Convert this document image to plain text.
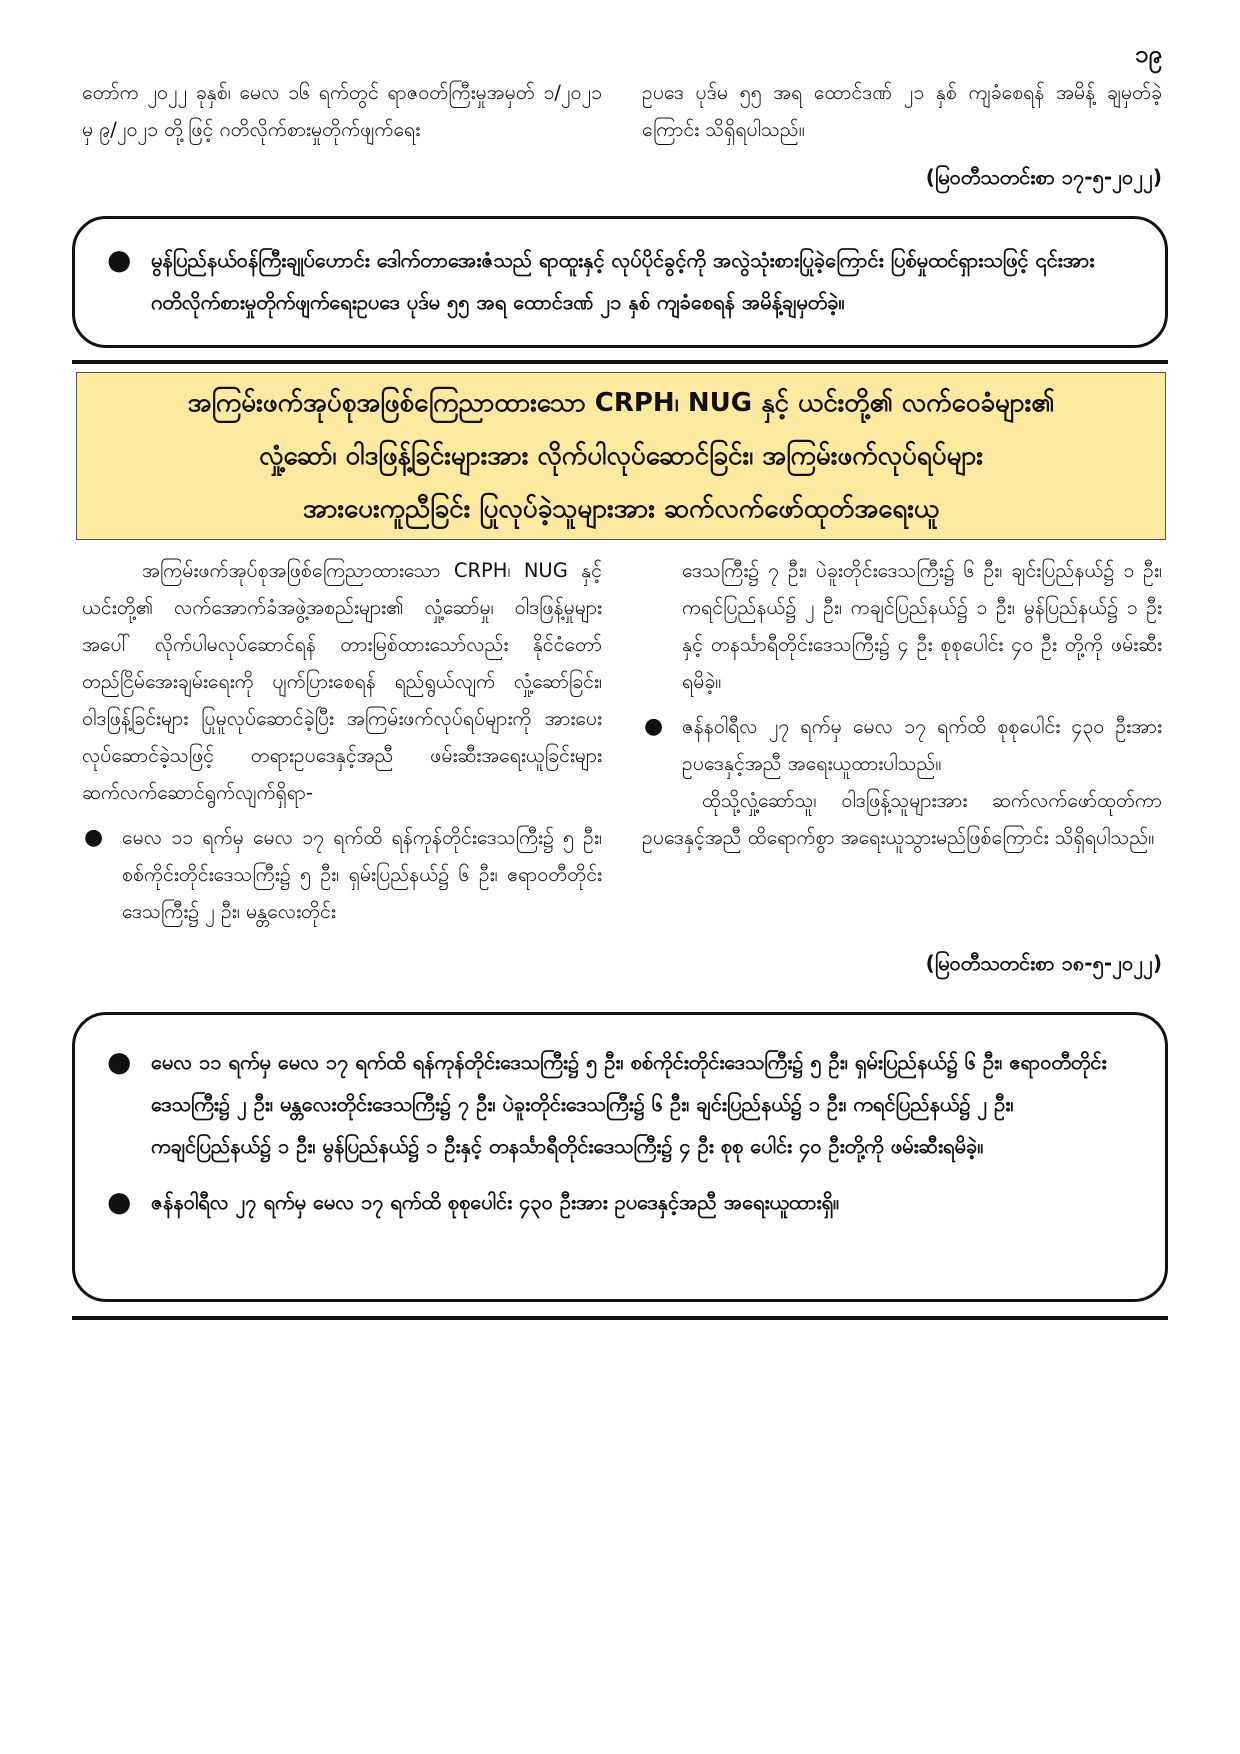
၁၉

တော်က ၂၀၂၂ ခုနှစ်၊ မေလ ၁၆ ရက်တွင် ရာဇဝတ်ကြီးမှုအမှတ် ၁/၂၀၂၁ မှ ၉/၂၀၂၁ တို့ဖြင့် ဂတိလိုက်စားမှုတိုက်ဖျက်ရေး

ဥပဒေ ပုဒ်မ ၅၅ အရ ထောင်ဒဏ် ၂၁ နှစ် ကျခံစေရန် အမိန့် ချမှတ်ခဲ့ကြောင်း သိရှိရပါသည်။

(မြဝတီသတင်းစာ ၁၇-၅-၂၀၂၂)
● မွန်ပြည်နယ်ဝန်ကြီးချုပ်ဟောင်း ဒေါက်တာအေးဇံသည် ရာထူးနှင့် လုပ်ပိုင်ခွင့်ကို အလွဲသုံးစားပြုခဲ့ကြောင်း ပြစ်မှုထင်ရှားသဖြင့် ၎င်းအား ဂတိလိုက်စားမှုတိုက်ဖျက်ရေးဥပဒေ ပုဒ်မ ၅၅ အရ ထောင်ဒဏ် ၂၁ နှစ် ကျခံစေရန် အမိန့်ချမှတ်ခဲ့။
အကြမ်းဖက်အုပ်စုအဖြစ်ကြေညာထားသော CRPH၊ NUG နှင့် ယင်းတို့၏ လက်ဝေခံများ၏
လှုံ့ဆော်၊ ဝါဒဖြန့်ခြင်းများအား လိုက်ပါလုပ်ဆောင်ခြင်း၊ အကြမ်းဖက်လုပ်ရပ်များ
အားပေးကူညီခြင်း ပြုလုပ်ခဲ့သူများအား ဆက်လက်ဖော်ထုတ်အရေးယူ

အကြမ်းဖက်အုပ်စုအဖြစ်ကြေညာထားသော CRPH၊ NUG နှင့် ယင်းတို့၏ လက်အောက်ခံအဖွဲ့အစည်းများ၏ လှုံ့ဆော်မှု၊ ဝါဒဖြန့်မှုများအပေါ် လိုက်ပါမလုပ်ဆောင်ရန် တားမြစ်ထားသော်လည်း နိုင်ငံတော်တည်ငြိမ်အေးချမ်းရေးကို ပျက်ပြားစေရန် ရည်ရွယ်လျက် လှုံ့ဆော်ခြင်း၊ ဝါဒဖြန့်ခြင်းများ ပြုမူလုပ်ဆောင်ခဲ့ပြီး အကြမ်းဖက်လုပ်ရပ်များကို အားပေးလုပ်ဆောင်ခဲ့သဖြင့် တရားဥပဒေနှင့်အညီ ဖမ်းဆီးအရေးယူခြင်းများ ဆက်လက်ဆောင်ရွက်လျက်ရှိရာ-

● မေလ ၁၁ ရက်မှ မေလ ၁၇ ရက်ထိ ရန်ကုန်တိုင်းဒေသကြီး၌ ၅ ဦး၊ စစ်ကိုင်းတိုင်းဒေသကြီး၌ ၅ ဦး၊ ရှမ်းပြည်နယ်၌ ၆ ဦး၊ ဧရာဝတီတိုင်းဒေသကြီး၌ ၂ ဦး၊ မန္တလေးတိုင်း

ဒေသကြီး၌ ၇ ဦး၊ ပဲခူးတိုင်းဒေသကြီး၌ ၆ ဦး၊ ချင်းပြည်နယ်၌ ၁ ဦး၊ ကရင်ပြည်နယ်၌ ၂ ဦး၊ ကချင်ပြည်နယ်၌ ၁ ဦး၊ မွန်ပြည်နယ်၌ ၁ ဦးနှင့် တနင်္သာရီတိုင်းဒေသကြီး၌ ၄ ဦး စုစုပေါင်း ၄၀ ဦး တို့ကို ဖမ်းဆီးရမိခဲ့။

● ဇန်နဝါရီလ ၂၇ ရက်မှ မေလ ၁၇ ရက်ထိ စုစုပေါင်း ၄၃၀ ဦးအား ဥပဒေနှင့်အညီ အရေးယူထားပါသည်။

ထိုသို့လှုံ့ဆော်သူ၊ ဝါဒဖြန့်သူများအား ဆက်လက်ဖော်ထုတ်ကာ ဥပဒေနှင့်အညီ ထိရောက်စွာ အရေးယူသွားမည်ဖြစ်ကြောင်း သိရှိရပါသည်။

(မြဝတီသတင်းစာ ၁၈-၅-၂၀၂၂)
● မေလ ၁၁ ရက်မှ မေလ ၁၇ ရက်ထိ ရန်ကုန်တိုင်းဒေသကြီး၌ ၅ ဦး၊ စစ်ကိုင်းတိုင်းဒေသကြီး၌ ၅ ဦး၊ ရှမ်းပြည်နယ်၌ ၆ ဦး၊ ဧရာဝတီတိုင်းဒေသကြီး၌ ၂ ဦး၊ မန္တလေးတိုင်းဒေသကြီး၌ ၇ ဦး၊ ပဲခူးတိုင်းဒေသကြီး၌ ၆ ဦး၊ ချင်းပြည်နယ်၌ ၁ ဦး၊ ကရင်ပြည်နယ်၌ ၂ ဦး၊ ကချင်ပြည်နယ်၌ ၁ ဦး၊ မွန်ပြည်နယ်၌ ၁ ဦးနှင့် တနင်္သာရီတိုင်းဒေသကြီး၌ ၄ ဦး စုစု ပေါင်း ၄၀ ဦးတို့ကို ဖမ်းဆီးရမိခဲ့။
● ဇန်နဝါရီလ ၂၇ ရက်မှ မေလ ၁၇ ရက်ထိ စုစုပေါင်း ၄၃၀ ဦးအား ဥပဒေနှင့်အညီ အရေးယူထားရှိ။
